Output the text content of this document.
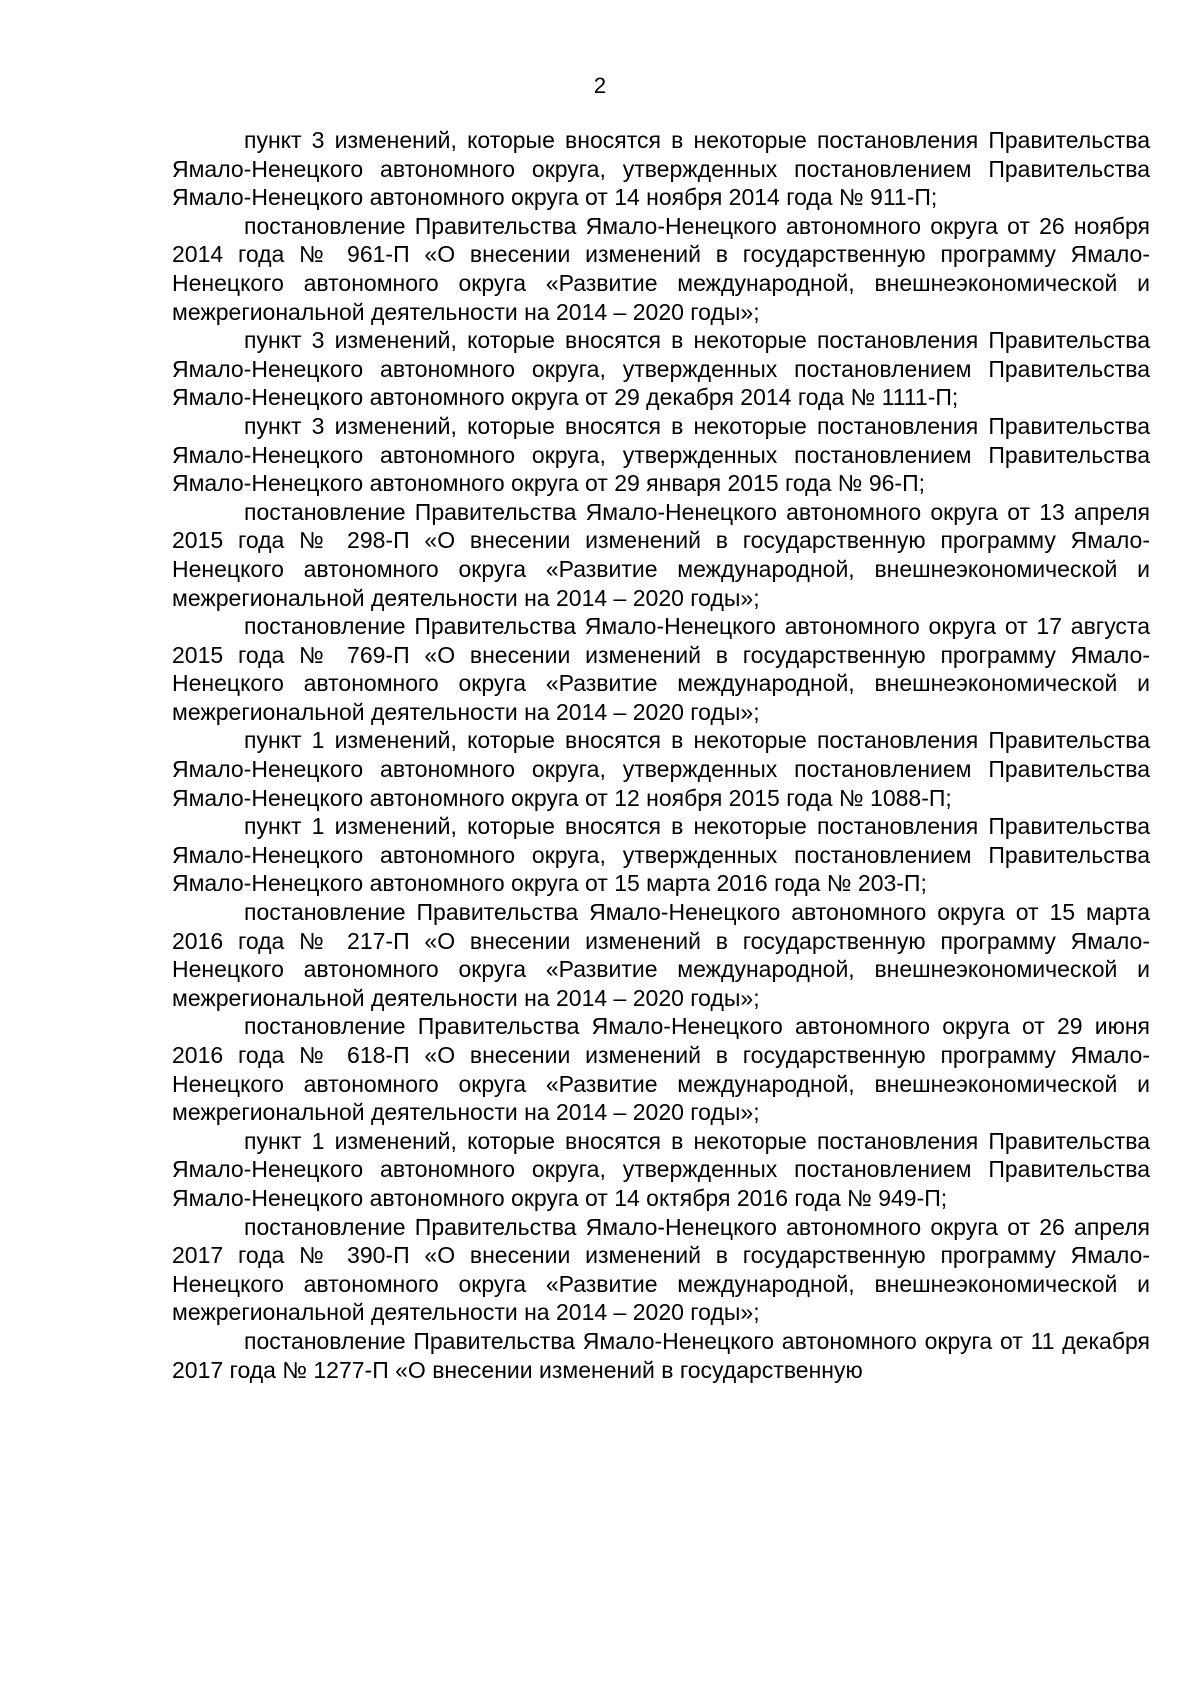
2

пункт 3 изменений, которые вносятся в некоторые постановления Правительства Ямало-Ненецкого автономного округа, утвержденных постановлением Правительства Ямало-Ненецкого автономного округа от 14 ноября 2014 года № 911-П;

постановление Правительства Ямало-Ненецкого автономного округа от 26 ноября 2014 года № 961-П «О внесении изменений в государственную программу Ямало-Ненецкого автономного округа «Развитие международной, внешнеэкономической и межрегиональной деятельности на 2014 – 2020 годы»;

пункт 3 изменений, которые вносятся в некоторые постановления Правительства Ямало-Ненецкого автономного округа, утвержденных постановлением Правительства Ямало-Ненецкого автономного округа от 29 декабря 2014 года № 1111-П;

пункт 3 изменений, которые вносятся в некоторые постановления Правительства Ямало-Ненецкого автономного округа, утвержденных постановлением Правительства Ямало-Ненецкого автономного округа от 29 января 2015 года № 96-П;

постановление Правительства Ямало-Ненецкого автономного округа от 13 апреля 2015 года № 298-П «О внесении изменений в государственную программу Ямало-Ненецкого автономного округа «Развитие международной, внешнеэкономической и межрегиональной деятельности на 2014 – 2020 годы»;

постановление Правительства Ямало-Ненецкого автономного округа от 17 августа 2015 года № 769-П «О внесении изменений в государственную программу Ямало-Ненецкого автономного округа «Развитие международной, внешнеэкономической и межрегиональной деятельности на 2014 – 2020 годы»;

пункт 1 изменений, которые вносятся в некоторые постановления Правительства Ямало-Ненецкого автономного округа, утвержденных постановлением Правительства Ямало-Ненецкого автономного округа от 12 ноября 2015 года № 1088-П;

пункт 1 изменений, которые вносятся в некоторые постановления Правительства Ямало-Ненецкого автономного округа, утвержденных постановлением Правительства Ямало-Ненецкого автономного округа от 15 марта 2016 года № 203-П;

постановление Правительства Ямало-Ненецкого автономного округа от 15 марта 2016 года № 217-П «О внесении изменений в государственную программу Ямало-Ненецкого автономного округа «Развитие международной, внешнеэкономической и межрегиональной деятельности на 2014 – 2020 годы»;

постановление Правительства Ямало-Ненецкого автономного округа от 29 июня 2016 года № 618-П «О внесении изменений в государственную программу Ямало-Ненецкого автономного округа «Развитие международной, внешнеэкономической и межрегиональной деятельности на 2014 – 2020 годы»;

пункт 1 изменений, которые вносятся в некоторые постановления Правительства Ямало-Ненецкого автономного округа, утвержденных постановлением Правительства Ямало-Ненецкого автономного округа от 14 октября 2016 года № 949-П;

постановление Правительства Ямало-Ненецкого автономного округа от 26 апреля 2017 года № 390-П «О внесении изменений в государственную программу Ямало-Ненецкого автономного округа «Развитие международной, внешнеэкономической и межрегиональной деятельности на 2014 – 2020 годы»;

постановление Правительства Ямало-Ненецкого автономного округа от 11 декабря 2017 года № 1277-П «О внесении изменений в государственную
